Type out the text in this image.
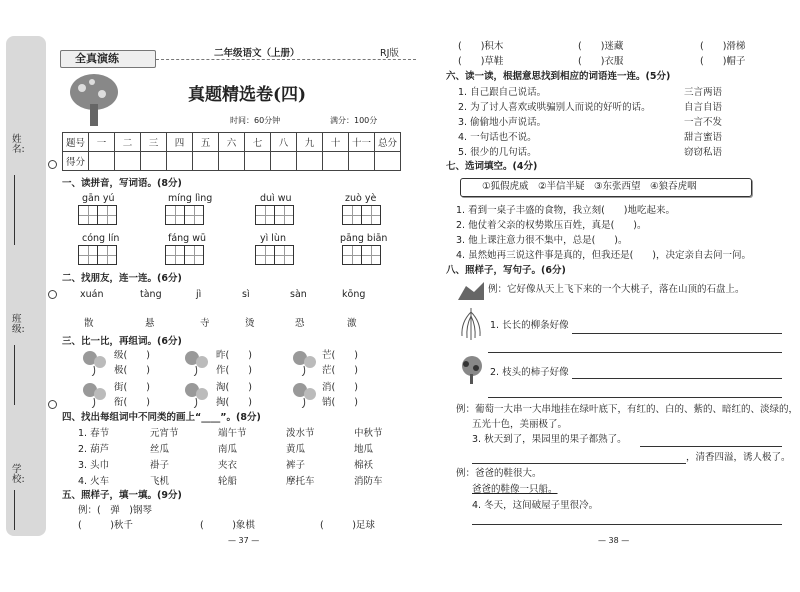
姓名:
班级:
学校:
全真演练	二年级语文（上册）	RJ版
真题精选卷(四)
时间：60分钟	满分：100分
题号	一	二	三	四	五	六	七	八	九	十	十一	总分
得分												
一、读拼音，写词语。(8分)
gān yú	míng lìng	duì wu	zuò yè
cóng lín	fáng wū	yì lùn	pāng biān
二、找朋友，连一连。(6分)
xuán	tàng	jì	sì	sàn	kōng
散	悬	寺	烫	恐	激
三、比一比，再组词。(6分)
级(　　)
极(　　)
昨(　　)
作(　　)
芒(　　)
茫(　　)
街(　　)
衔(　　)
淘(　　)
掏(　　)
消(　　)
销(　　)
四、找出每组词中不同类的画上“____”。(8分)
1. 春节	元宵节	端午节	泼水节	中秋节
2. 葫芦	丝瓜	南瓜	黄瓜	地瓜
3. 头巾	褂子	夹衣	裤子	棉袄
4. 火车	飞机	轮船	摩托车	消防车
五、照样子，填一填。(9分)
例：(　弹　)钢琴
(　　　)秋千	(　　　)象棋	(　　　)足球
— 37 —
(　　)积木	(　　)迷藏	(　　)滑梯
(　　)草鞋	(　　)衣服	(　　)帽子
六、读一读，根据意思找到相应的词语连一连。(5分)
1. 自己跟自己说话。
2. 为了讨人喜欢或哄骗别人而说的好听的话。
3. 偷偷地小声说话。
4. 一句话也不说。
5. 很少的几句话。
三言两语
自言自语
一言不发
甜言蜜语
窃窃私语
七、选词填空。(4分)
①狐假虎威　②半信半疑　③东张西望　④狼吞虎咽
1. 看到一桌子丰盛的食物，我立刻(　　)地吃起来。
2. 他仗着父亲的权势欺压百姓，真是(　　)。
3. 他上课注意力很不集中，总是(　　)。
4. 虽然她再三说这件事是真的，但我还是(　　)，决定亲自去问一问。
八、照样子，写句子。(6分)
例：它好像从天上飞下来的一个大桃子，落在山顶的石盘上。
1. 长长的柳条好像
2. 枝头的柿子好像
例：葡萄一大串一大串地挂在绿叶底下，有红的、白的、紫的、暗红的、淡绿的，
五光十色，美丽极了。
3. 秋天到了，果园里的果子都熟了。
，清香四溢，诱人极了。
例：爸爸的鞋很大。
爸爸的鞋像一只船。
4. 冬天，这间破屋子里很冷。
— 38 —
